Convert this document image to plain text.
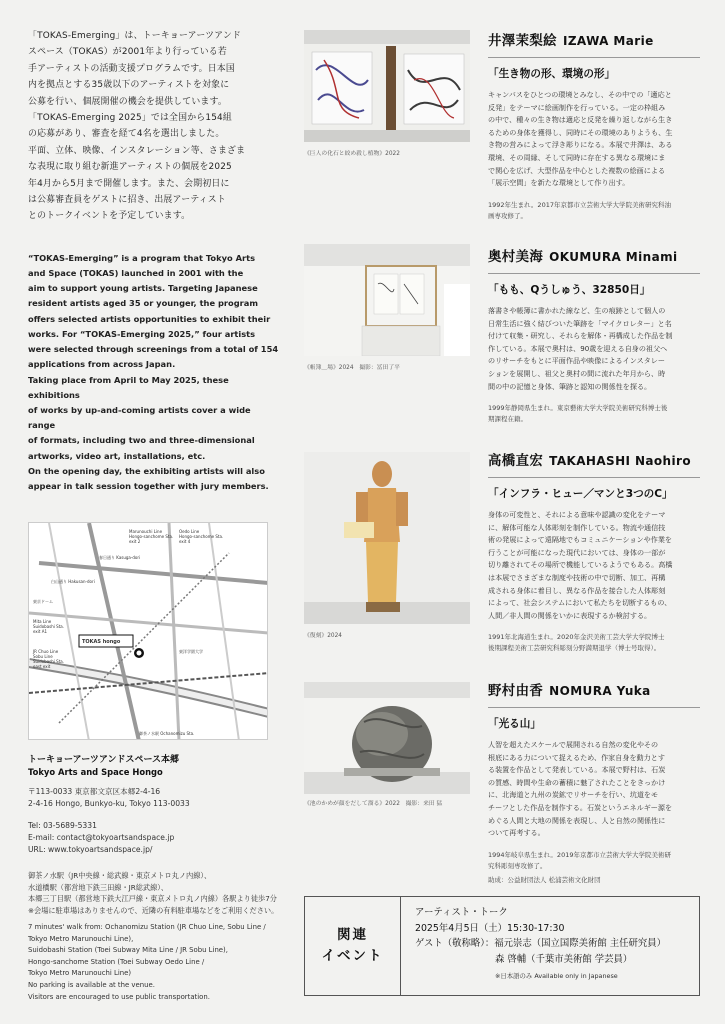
「TOKAS-Emerging」は、トーキョーアーツアンド
スペース（TOKAS）が2001年より行っている若
手アーティストの活動支援プログラムです。日本国
内を拠点とする35歳以下のアーティストを対象に
公募を行い、個展開催の機会を提供しています。

「TOKAS-Emerging 2025」では全国から154組
の応募があり、審査を経て4名を選出しました。
平面、立体、映像、インスタレーション等、さまざま
な表現に取り組む新進アーティストの個展を2025
年4月から5月まで開催します。また、会期初日に
は公募審査員をゲストに招き、出展アーティスト
とのトークイベントを予定しています。

“TOKAS-Emerging” is a program that Tokyo Arts
and Space (TOKAS) launched in 2001 with the
aim to support young artists. Targeting Japanese
resident artists aged 35 or younger, the program
offers selected artists opportunities to exhibit their
works. For “TOKAS-Emerging 2025,” four artists
were selected through screenings from a total of 154
applications from across Japan.

Taking place from April to May 2025, these exhibitions
of works by up-and-coming artists cover a wide range
of formats, including two and three-dimensional
artworks, video art, installations, etc.

On the opening day, the exhibiting artists will also
appear in talk session together with jury members.

TOKAS hongo
Marunouchi Line Hongo-sanchome Sta. exit 2
Oedo Line Hongo-sanchome Sta. exit 4
春日通り Kasuga-dori
東洋学園大学
Mita Line Suidobashi Sta. exit A1
JR Chuo Line Sobu Line Suidobashi Sta. east exit
御茶ノ水駅 Ochanomizu Sta.
白山通り Hakusan-dori
東京ドーム
トーキョーアーツアンドスペース本郷
Tokyo Arts and Space Hongo
〒113-0033 東京都文京区本郷2-4-16
2-4-16 Hongo, Bunkyo-ku, Tokyo 113-0033
Tel: 03-5689-5331
E-mail: contact@tokyoartsandspace.jp
URL: www.tokyoartsandspace.jp/
御茶ノ水駅（JR中央線・総武線・東京メトロ丸ノ内線）、
水道橋駅（都営地下鉄三田線・JR総武線）、
本郷三丁目駅（都営地下鉄大江戸線・東京メトロ丸ノ内線）各駅より徒歩7分
※会場に駐車場はありませんので、近隣の有料駐車場などをご利用ください。
7 minutes' walk from: Ochanomizu Station (JR Chuo Line, Sobu Line /
Tokyo Metro Marunouchi Line),
Suidobashi Station (Toei Subway Mita Line / JR Sobu Line),
Hongo-sanchome Station (Toei Subway Oedo Line /
Tokyo Metro Marunouchi Line)
No parking is available at the venue.
Visitors are encouraged to use public transportation.
《巨人の化石と絞め殺し植物》2022
《帳簿＿場》2024　撮影：冨田了平
《復刻》2024
《池のかめが顔をだして溜る》2022　撮影：来田 猛
井澤茉梨絵 IZAWA Marie
「生き物の形、環境の形」
キャンバスをひとつの環境とみなし、その中での「適応と
反発」をテーマに絵画制作を行っている。一定の枠組み
の中で、種々の生き物は適応と反発を繰り返しながら生き
るための身体を獲得し、同時にその環境のありようも、生
き物の営みによって浮き彫りになる。本展で井澤は、ある
環境、その周縁、そして同時に存在する異なる環境にま
で関心を広げ、大型作品を中心とした複数の絵画による
「展示空間」を新たな環境として作り出す。
1992年生まれ。2017年京都市立芸術大学大学院美術研究科油
画専攻修了。
奥村美海 OKUMURA Minami
「もも、Qうしゅう、32850日」
落書きや帳簿に書かれた線など、生の痕跡として個人の
日常生活に強く結びついた筆跡を「マイクロレター」と名
付けて収集・研究し、それらを解体・再構成した作品を制
作している。本展で奥村は、90歳を迎える自身の祖父へ
のリサーチをもとに平面作品や映像によるインスタレー
ションを展開し、祖父と奥村の間に流れた年月から、時
間の中の記憶と身体、筆跡と認知の関係性を探る。
1999年静岡県生まれ。東京藝術大学大学院美術研究科博士後
期課程在籍。
高橋直宏 TAKAHASHI Naohiro
「インフラ・ヒュー／マンと3つのC」
身体の可変性と、それによる意味や認識の変化をテーマ
に、解体可能な人体彫刻を制作している。物流や通信技
術の発展によって遠隔地でもコミュニケーションや作業を
行うことが可能になった現代においては、身体の一部が
切り離されてその場所で機能しているようでもある。高橋
は本展でさまざまな制度や技術の中で切断、加工、再構
成される身体に着目し、異なる作品を接合した人体彫刻
によって、社会システムにおいて私たちを切断するもの、
人間／非人間の関係をいかに表現するか検討する。
1991年北海道生まれ。2020年金沢美術工芸大学大学院博士
後期課程美術工芸研究科彫刻分野満期退学（博士号取得）。
野村由香 NOMURA Yuka
「光る山」
人智を超えたスケールで展開される自然の変化やその
根底にある力について捉えるため、作家自身を動力とす
る装置を作品として発表している。本展で野村は、石炭
の質感、時間や生命の蓄積に魅了されたことをきっかけ
に、北海道と九州の炭鉱でリサーチを行い、坑道をモ
チーフとした作品を制作する。石炭というエネルギー源を
めぐる人間と大地の関係を表現し、人と自然の関係性に
ついて再考する。
1994年岐阜県生まれ。2019年京都市立芸術大学大学院美術研
究科彫刻専攻修了。
助成：公益財団法人 松浦芸術文化財団
関連
イベント
アーティスト・トーク
2025年4月5日（土）15:30-17:30
ゲスト（敬称略）：福元崇志（国立国際美術館 主任研究員）
森 啓輔（千葉市美術館 学芸員）
※日本語のみ Available only in Japanese
